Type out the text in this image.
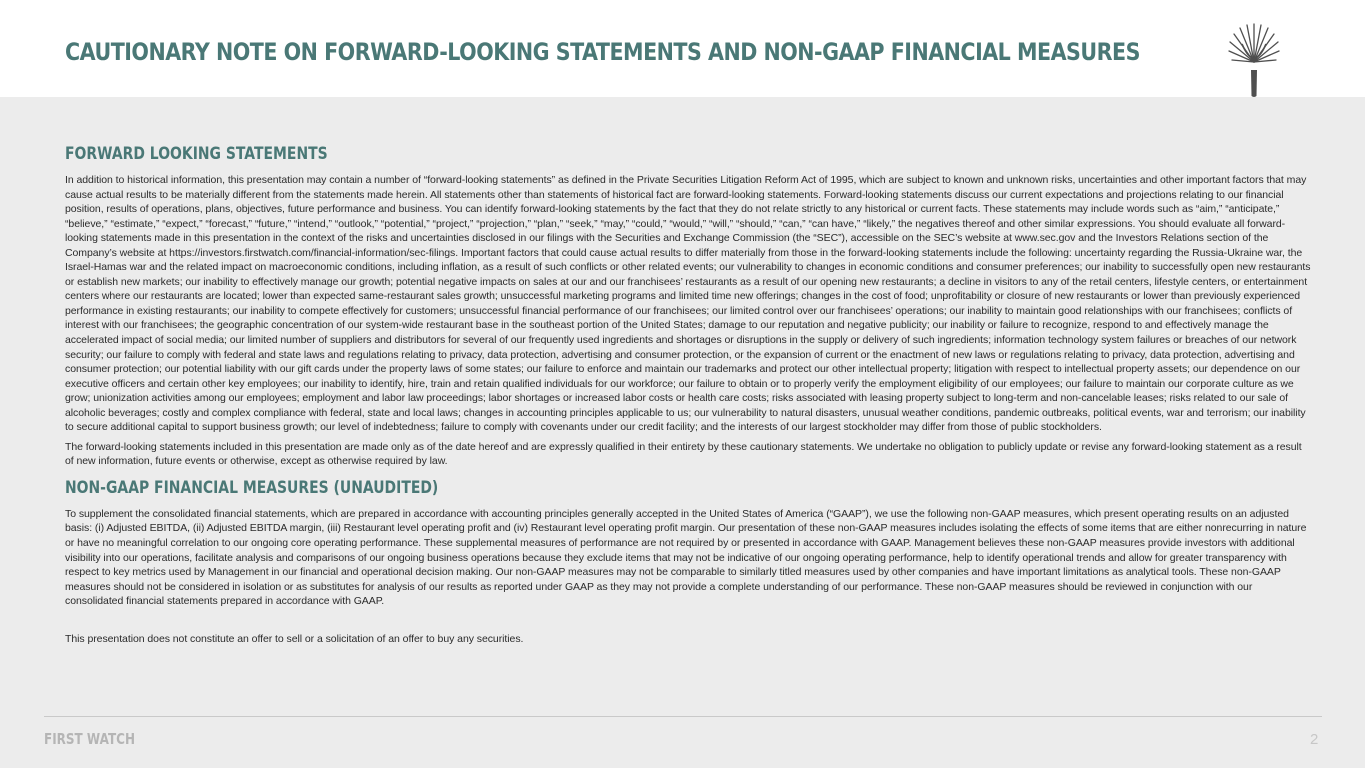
CAUTIONARY NOTE ON FORWARD-LOOKING STATEMENTS AND NON-GAAP FINANCIAL MEASURES
FORWARD LOOKING STATEMENTS

In addition to historical information, this presentation may contain a number of “forward-looking statements” as defined in the Private Securities Litigation Reform Act of 1995, which are subject to known and unknown risks, uncertainties and other important factors that may cause actual results to be materially different from the statements made herein. All statements other than statements of historical fact are forward-looking statements. Forward-looking statements discuss our current expectations and projections relating to our financial position, results of operations, plans, objectives, future performance and business. You can identify forward-looking statements by the fact that they do not relate strictly to any historical or current facts. These statements may include words such as “aim,” “anticipate,” “believe,” “estimate,” “expect,” “forecast,” “future,” “intend,” “outlook,” “potential,” “project,” “projection,” “plan,” “seek,” “may,” “could,” “would,” “will,” “should,” “can,” “can have,” “likely,” the negatives thereof and other similar expressions. You should evaluate all forward-looking statements made in this presentation in the context of the risks and uncertainties disclosed in our filings with the Securities and Exchange Commission (the “SEC”), accessible on the SEC’s website at www.sec.gov and the Investors Relations section of the Company’s website at https://investors.firstwatch.com/financial-information/sec-filings. Important factors that could cause actual results to differ materially from those in the forward-looking statements include the following: uncertainty regarding the Russia-Ukraine war, the Israel-Hamas war and the related impact on macroeconomic conditions, including inflation, as a result of such conflicts or other related events; our vulnerability to changes in economic conditions and consumer preferences; our inability to successfully open new restaurants or establish new markets; our inability to effectively manage our growth; potential negative impacts on sales at our and our franchisees’ restaurants as a result of our opening new restaurants; a decline in visitors to any of the retail centers, lifestyle centers, or entertainment centers where our restaurants are located; lower than expected same-restaurant sales growth; unsuccessful marketing programs and limited time new offerings; changes in the cost of food; unprofitability or closure of new restaurants or lower than previously experienced performance in existing restaurants; our inability to compete effectively for customers; unsuccessful financial performance of our franchisees; our limited control over our franchisees’ operations; our inability to maintain good relationships with our franchisees; conflicts of interest with our franchisees; the geographic concentration of our system-wide restaurant base in the southeast portion of the United States; damage to our reputation and negative publicity; our inability or failure to recognize, respond to and effectively manage the accelerated impact of social media; our limited number of suppliers and distributors for several of our frequently used ingredients and shortages or disruptions in the supply or delivery of such ingredients; information technology system failures or breaches of our network security; our failure to comply with federal and state laws and regulations relating to privacy, data protection, advertising and consumer protection, or the expansion of current or the enactment of new laws or regulations relating to privacy, data protection, advertising and consumer protection; our potential liability with our gift cards under the property laws of some states; our failure to enforce and maintain our trademarks and protect our other intellectual property; litigation with respect to intellectual property assets; our dependence on our executive officers and certain other key employees; our inability to identify, hire, train and retain qualified individuals for our workforce; our failure to obtain or to properly verify the employment eligibility of our employees; our failure to maintain our corporate culture as we grow; unionization activities among our employees; employment and labor law proceedings; labor shortages or increased labor costs or health care costs; risks associated with leasing property subject to long-term and non-cancelable leases; risks related to our sale of alcoholic beverages; costly and complex compliance with federal, state and local laws; changes in accounting principles applicable to us; our vulnerability to natural disasters, unusual weather conditions, pandemic outbreaks, political events, war and terrorism; our inability to secure additional capital to support business growth; our level of indebtedness; failure to comply with covenants under our credit facility; and the interests of our largest stockholder may differ from those of public stockholders.

The forward-looking statements included in this presentation are made only as of the date hereof and are expressly qualified in their entirety by these cautionary statements. We undertake no obligation to publicly update or revise any forward-looking statement as a result of new information, future events or otherwise, except as otherwise required by law.

NON-GAAP FINANCIAL MEASURES (UNAUDITED)

To supplement the consolidated financial statements, which are prepared in accordance with accounting principles generally accepted in the United States of America (“GAAP”), we use the following non-GAAP measures, which present operating results on an adjusted basis: (i) Adjusted EBITDA, (ii) Adjusted EBITDA margin, (iii) Restaurant level operating profit and (iv) Restaurant level operating profit margin. Our presentation of these non-GAAP measures includes isolating the effects of some items that are either nonrecurring in nature or have no meaningful correlation to our ongoing core operating performance. These supplemental measures of performance are not required by or presented in accordance with GAAP. Management believes these non-GAAP measures provide investors with additional visibility into our operations, facilitate analysis and comparisons of our ongoing business operations because they exclude items that may not be indicative of our ongoing operating performance, help to identify operational trends and allow for greater transparency with respect to key metrics used by Management in our financial and operational decision making. Our non-GAAP measures may not be comparable to similarly titled measures used by other companies and have important limitations as analytical tools. These non-GAAP measures should not be considered in isolation or as substitutes for analysis of our results as reported under GAAP as they may not provide a complete understanding of our performance. These non-GAAP measures should be reviewed in conjunction with our consolidated financial statements prepared in accordance with GAAP.

This presentation does not constitute an offer to sell or a solicitation of an offer to buy any securities.

FIRST WATCH	2
